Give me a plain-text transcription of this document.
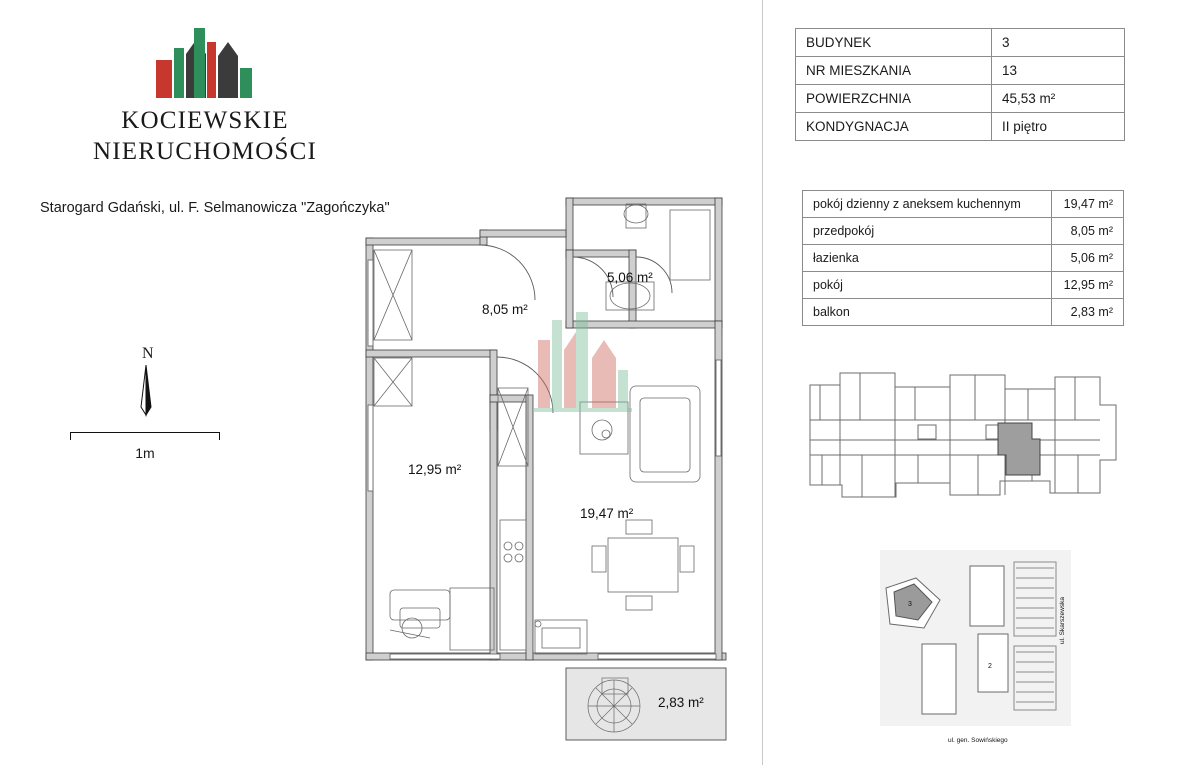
KOCIEWSKIE
NIERUCHOMOŚCI
Starogard Gdański, ul. F. Selmanowicza "Zagończyka"
N
1m
BUDYNEK	3
NR MIESZKANIA	13
POWIERZCHNIA	45,53 m²
KONDYGNACJA	II piętro
pokój dzienny z aneksem kuchennym	19,47 m²
przedpokój	8,05 m²
łazienka	5,06 m²
pokój	12,95 m²
balkon	2,83 m²
3
2
ul. gen. Sowińskiego
ul. Skarszewska
8,05 m²
5,06 m²
12,95 m²
19,47 m²
2,83 m²
